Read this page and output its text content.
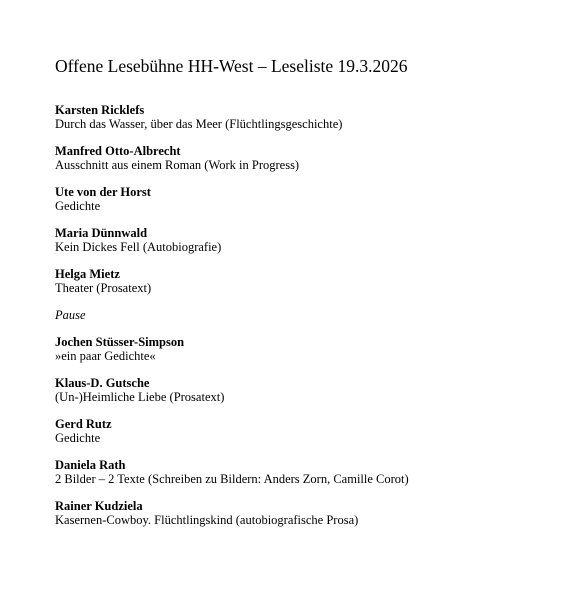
Offene Lesebühne HH-West – Leseliste 19.3.2026
Karsten Ricklefs
Durch das Wasser, über das Meer (Flüchtlingsgeschichte)
Manfred Otto-Albrecht
Ausschnitt aus einem Roman (Work in Progress)
Ute von der Horst
Gedichte
Maria Dünnwald
Kein Dickes Fell (Autobiografie)
Helga Mietz
Theater (Prosatext)
Pause
Jochen Stüsser-Simpson
»ein paar Gedichte«
Klaus-D. Gutsche
(Un-)Heimliche Liebe (Prosatext)
Gerd Rutz
Gedichte
Daniela Rath
2 Bilder – 2 Texte (Schreiben zu Bildern: Anders Zorn, Camille Corot)
Rainer Kudziela
Kasernen-Cowboy. Flüchtlingskind (autobiografische Prosa)
